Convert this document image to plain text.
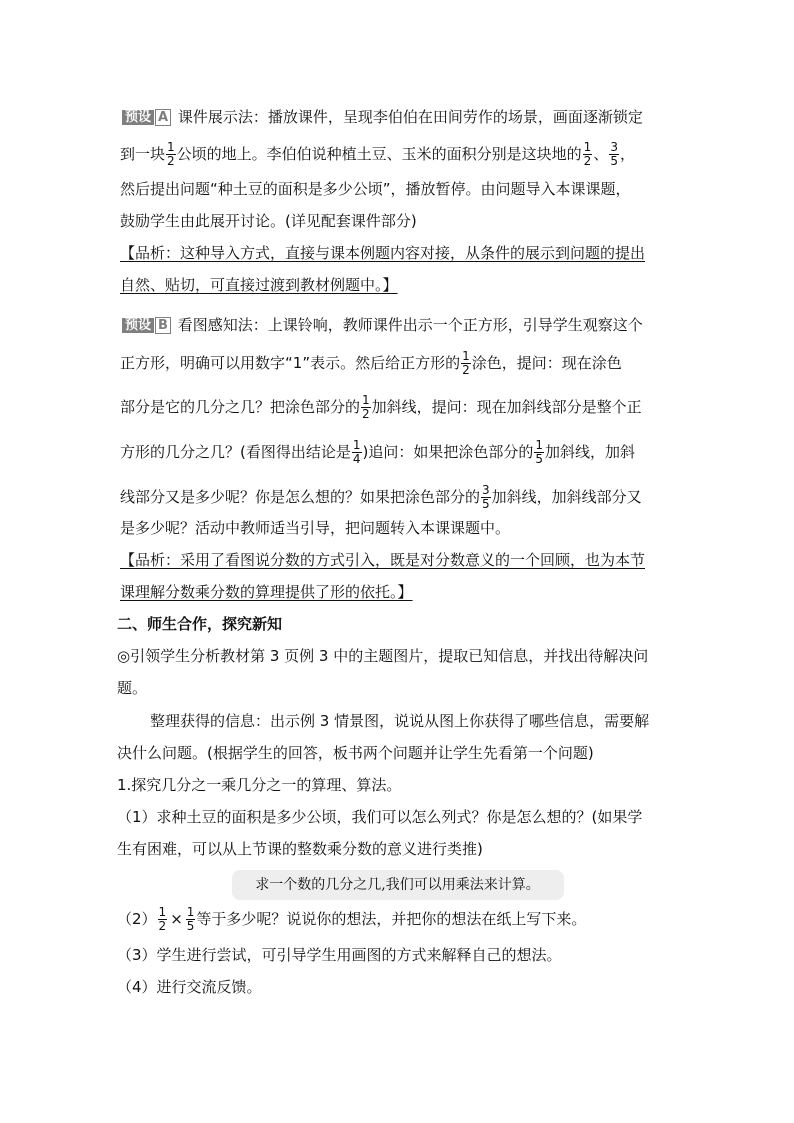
预设 A 课件展示法：播放课件，呈现李伯伯在田间劳作的场景，画面逐渐锁定
到一块 $\frac{1}{2}$ 公顷的地上。李伯伯说种植土豆、玉米的面积分别是这块地的 $\frac{1}{2}$ 、 $\frac{3}{5}$ ，
然后提出问题“种土豆的面积是多少公顷”，播放暂停。由问题导入本课课题，
鼓励学生由此展开讨论。(详见配套课件部分)
【品析：这种导入方式，直接与课本例题内容对接，从条件的展示到问题的提出
自然、贴切，可直接过渡到教材例题中。】
预设 B 看图感知法：上课铃响，教师课件出示一个正方形，引导学生观察这个
正方形，明确可以用数字“1”表示。然后给正方形的 $\frac{1}{2}$ 涂色，提问：现在涂色
部分是它的几分之几？把涂色部分的 $\frac{1}{2}$ 加斜线，提问：现在加斜线部分是整个正
方形的几分之几？(看图得出结论是 $\frac{1}{4}$ )追问：如果把涂色部分的 $\frac{1}{5}$ 加斜线，加斜
线部分又是多少呢？你是怎么想的？如果把涂色部分的 $\frac{3}{5}$ 加斜线，加斜线部分又
是多少呢？活动中教师适当引导，把问题转入本课课题中。
【品析：采用了看图说分数的方式引入，既是对分数意义的一个回顾，也为本节
课理解分数乘分数的算理提供了形的依托。】
二、师生合作，探究新知
◎引领学生分析教材第 3 页例 3 中的主题图片，提取已知信息，并找出待解决问
题。
整理获得的信息：出示例 3 情景图，说说从图上你获得了哪些信息，需要解
决什么问题。(根据学生的回答，板书两个问题并让学生先看第一个问题)
1.探究几分之一乘几分之一的算理、算法。
（1）求种土豆的面积是多少公顷，我们可以怎么列式？你是怎么想的？(如果学
生有困难，可以从上节课的整数乘分数的意义进行类推)
求一个数的几分之几,我们可以用乘法来计算。
$(2) \frac{1}{2} \times \frac{1}{5}$ 等于多少呢？说说你的想法，并把你的想法在纸上写下来。
（3）学生进行尝试，可引导学生用画图的方式来解释自己的想法。
（4）进行交流反馈。
